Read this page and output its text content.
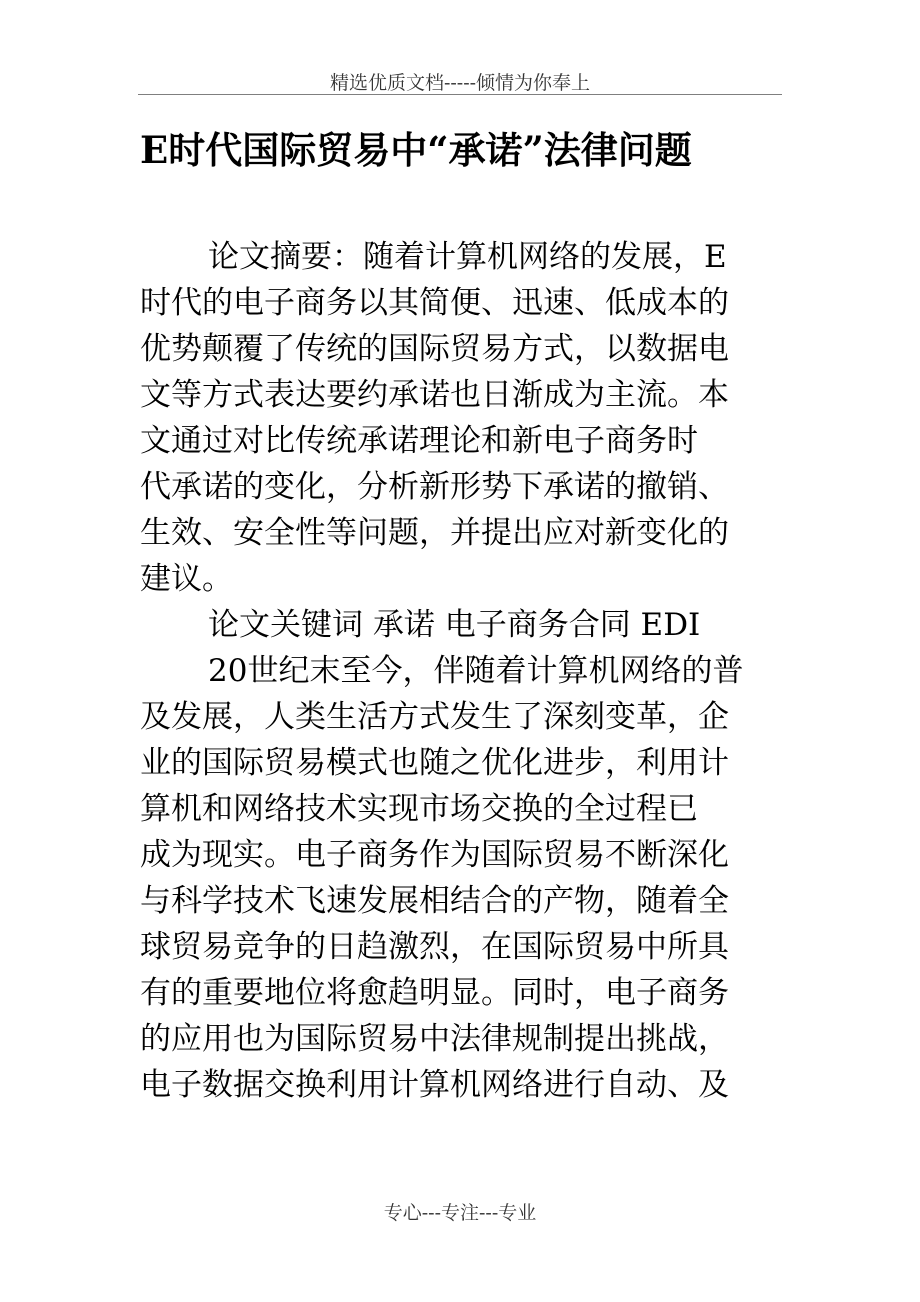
精选优质文档-----倾情为你奉上
E时代国际贸易中“承诺”法律问题
论文摘要：随着计算机网络的发展，E
时代的电子商务以其简便、迅速、低成本的
优势颠覆了传统的国际贸易方式，以数据电
文等方式表达要约承诺也日渐成为主流。本
文通过对比传统承诺理论和新电子商务时
代承诺的变化，分析新形势下承诺的撤销、
生效、安全性等问题，并提出应对新变化的
建议。
论文关键词 承诺 电子商务合同 EDI
20世纪末至今，伴随着计算机网络的普
及发展，人类生活方式发生了深刻变革，企
业的国际贸易模式也随之优化进步，利用计
算机和网络技术实现市场交换的全过程已
成为现实。电子商务作为国际贸易不断深化
与科学技术飞速发展相结合的产物，随着全
球贸易竞争的日趋激烈，在国际贸易中所具
有的重要地位将愈趋明显。同时，电子商务
的应用也为国际贸易中法律规制提出挑战，
电子数据交换利用计算机网络进行自动、及
专心---专注---专业
